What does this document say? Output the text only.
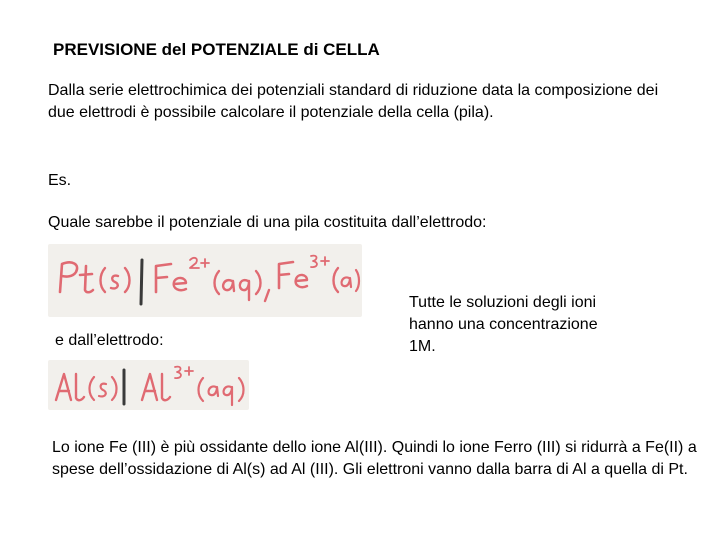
PREVISIONE del POTENZIALE di CELLA
Dalla serie elettrochimica dei potenziali standard di riduzione data la composizione dei due elettrodi è possibile calcolare il potenziale della cella (pila).
Es.
Quale sarebbe il potenziale di una pila costituita dall’elettrodo:
e dall’elettrodo:
Tutte le soluzioni degli ioni hanno una concentrazione 1M.
Lo ione Fe (III) è più ossidante dello ione Al(III). Quindi lo ione Ferro (III) si ridurrà a Fe(II) a spese dell’ossidazione di Al(s) ad Al (III). Gli elettroni vanno dalla barra di Al a quella di Pt.
